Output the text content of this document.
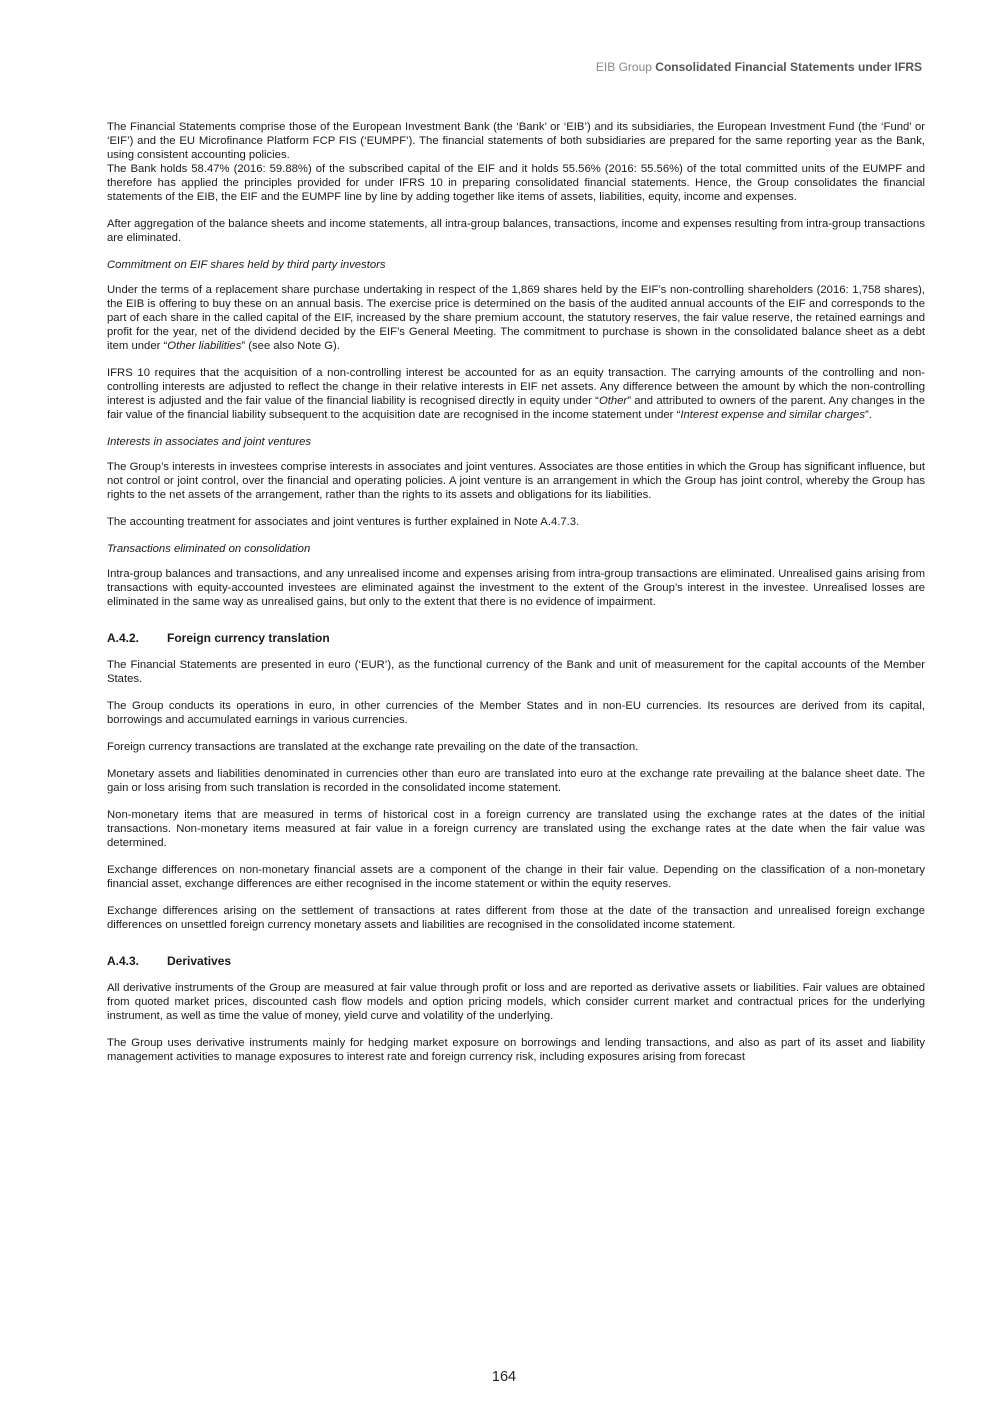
EIB Group Consolidated Financial Statements under IFRS

The Financial Statements comprise those of the European Investment Bank (the ‘Bank’ or ‘EIB’) and its subsidiaries, the European Investment Fund (the ‘Fund’ or ‘EIF’) and the EU Microfinance Platform FCP FIS (‘EUMPF’). The financial statements of both subsidiaries are prepared for the same reporting year as the Bank, using consistent accounting policies.

The Bank holds 58.47% (2016: 59.88%) of the subscribed capital of the EIF and it holds 55.56% (2016: 55.56%) of the total committed units of the EUMPF and therefore has applied the principles provided for under IFRS 10 in preparing consolidated financial statements. Hence, the Group consolidates the financial statements of the EIB, the EIF and the EUMPF line by line by adding together like items of assets, liabilities, equity, income and expenses.

After aggregation of the balance sheets and income statements, all intra-group balances, transactions, income and expenses resulting from intra-group transactions are eliminated.

Commitment on EIF shares held by third party investors

Under the terms of a replacement share purchase undertaking in respect of the 1,869 shares held by the EIF’s non-controlling shareholders (2016: 1,758 shares), the EIB is offering to buy these on an annual basis. The exercise price is determined on the basis of the audited annual accounts of the EIF and corresponds to the part of each share in the called capital of the EIF, increased by the share premium account, the statutory reserves, the fair value reserve, the retained earnings and profit for the year, net of the dividend decided by the EIF’s General Meeting. The commitment to purchase is shown in the consolidated balance sheet as a debt item under “Other liabilities” (see also Note G).

IFRS 10 requires that the acquisition of a non-controlling interest be accounted for as an equity transaction. The carrying amounts of the controlling and non-controlling interests are adjusted to reflect the change in their relative interests in EIF net assets. Any difference between the amount by which the non-controlling interest is adjusted and the fair value of the financial liability is recognised directly in equity under “Other” and attributed to owners of the parent. Any changes in the fair value of the financial liability subsequent to the acquisition date are recognised in the income statement under “Interest expense and similar charges”.

Interests in associates and joint ventures

The Group’s interests in investees comprise interests in associates and joint ventures. Associates are those entities in which the Group has significant influence, but not control or joint control, over the financial and operating policies. A joint venture is an arrangement in which the Group has joint control, whereby the Group has rights to the net assets of the arrangement, rather than the rights to its assets and obligations for its liabilities.

The accounting treatment for associates and joint ventures is further explained in Note A.4.7.3.

Transactions eliminated on consolidation

Intra-group balances and transactions, and any unrealised income and expenses arising from intra-group transactions are eliminated. Unrealised gains arising from transactions with equity-accounted investees are eliminated against the investment to the extent of the Group’s interest in the investee. Unrealised losses are eliminated in the same way as unrealised gains, but only to the extent that there is no evidence of impairment.

A.4.2. Foreign currency translation

The Financial Statements are presented in euro (‘EUR’), as the functional currency of the Bank and unit of measurement for the capital accounts of the Member States.

The Group conducts its operations in euro, in other currencies of the Member States and in non-EU currencies. Its resources are derived from its capital, borrowings and accumulated earnings in various currencies.

Foreign currency transactions are translated at the exchange rate prevailing on the date of the transaction.

Monetary assets and liabilities denominated in currencies other than euro are translated into euro at the exchange rate prevailing at the balance sheet date. The gain or loss arising from such translation is recorded in the consolidated income statement.

Non-monetary items that are measured in terms of historical cost in a foreign currency are translated using the exchange rates at the dates of the initial transactions. Non-monetary items measured at fair value in a foreign currency are translated using the exchange rates at the date when the fair value was determined.

Exchange differences on non-monetary financial assets are a component of the change in their fair value. Depending on the classification of a non-monetary financial asset, exchange differences are either recognised in the income statement or within the equity reserves.

Exchange differences arising on the settlement of transactions at rates different from those at the date of the transaction and unrealised foreign exchange differences on unsettled foreign currency monetary assets and liabilities are recognised in the consolidated income statement.

A.4.3. Derivatives

All derivative instruments of the Group are measured at fair value through profit or loss and are reported as derivative assets or liabilities. Fair values are obtained from quoted market prices, discounted cash flow models and option pricing models, which consider current market and contractual prices for the underlying instrument, as well as time the value of money, yield curve and volatility of the underlying.

The Group uses derivative instruments mainly for hedging market exposure on borrowings and lending transactions, and also as part of its asset and liability management activities to manage exposures to interest rate and foreign currency risk, including exposures arising from forecast

164
